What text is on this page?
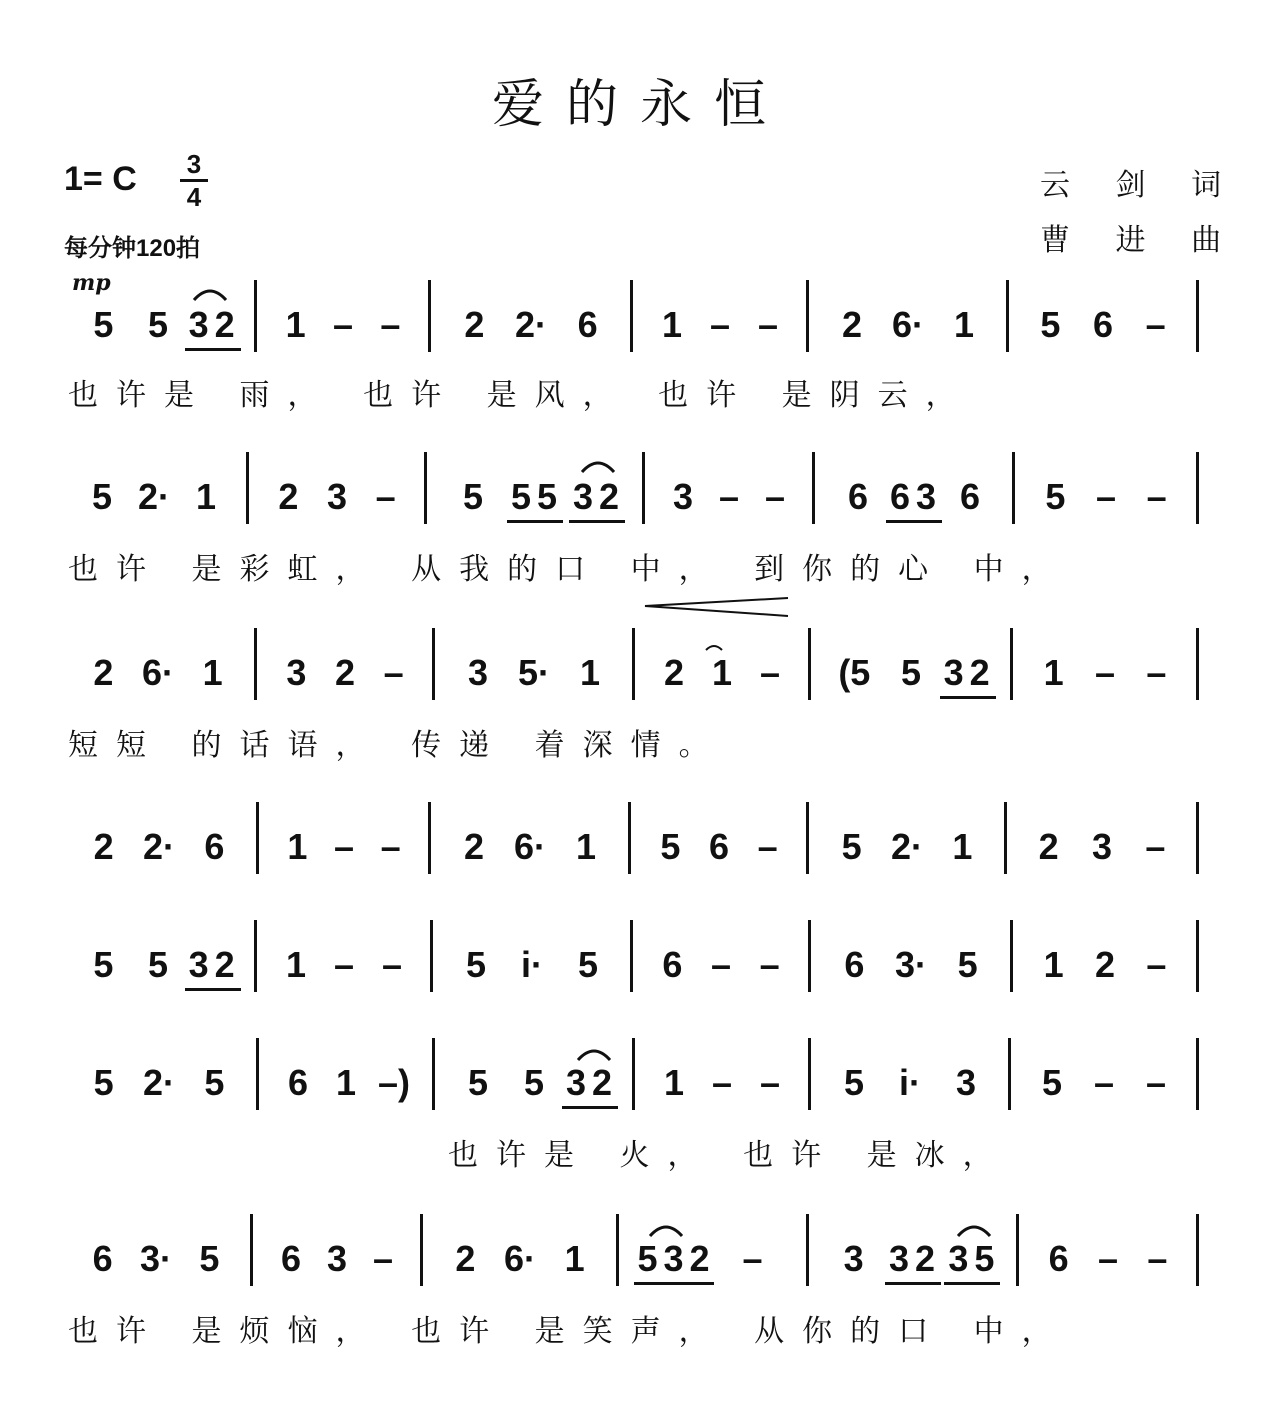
爱的永恒
1= C 3
4
每分钟120拍
云 剑 词
曹 进 曲
mp
5 5 3 2 1 – – 2 2· 6 1 – – 2 6· 1 5 6 –
也许是 雨， 也许 是风， 也许 是阴云，
5 2· 1 2 3 – 5 5 5 3 2 3 – – 6 6 3 6 5 – –
也许 是彩虹， 从我的口 中， 到你的心 中，
2 6· 1 3 2 – 3 5· 1 2 1 – (5 5 3 2 1 – –
短短 的话语， 传递 着深情。
2 2· 6 1 – – 2 6· 1 5 6 – 5 2· 1 2 3 –
5 5 3 2 1 – – 5 i· 5 6 – – 6 3· 5 1 2 –
5 2· 5 6 1 –) 5 5 3 2 1 – – 5 i· 3 5 – –
也许是 火， 也许 是冰，
6 3· 5 6 3 – 2 6· 1 5 3 2 – 3 3 2 3 5 6 – –
也许 是烦恼， 也许 是笑声， 从你的口 中，
